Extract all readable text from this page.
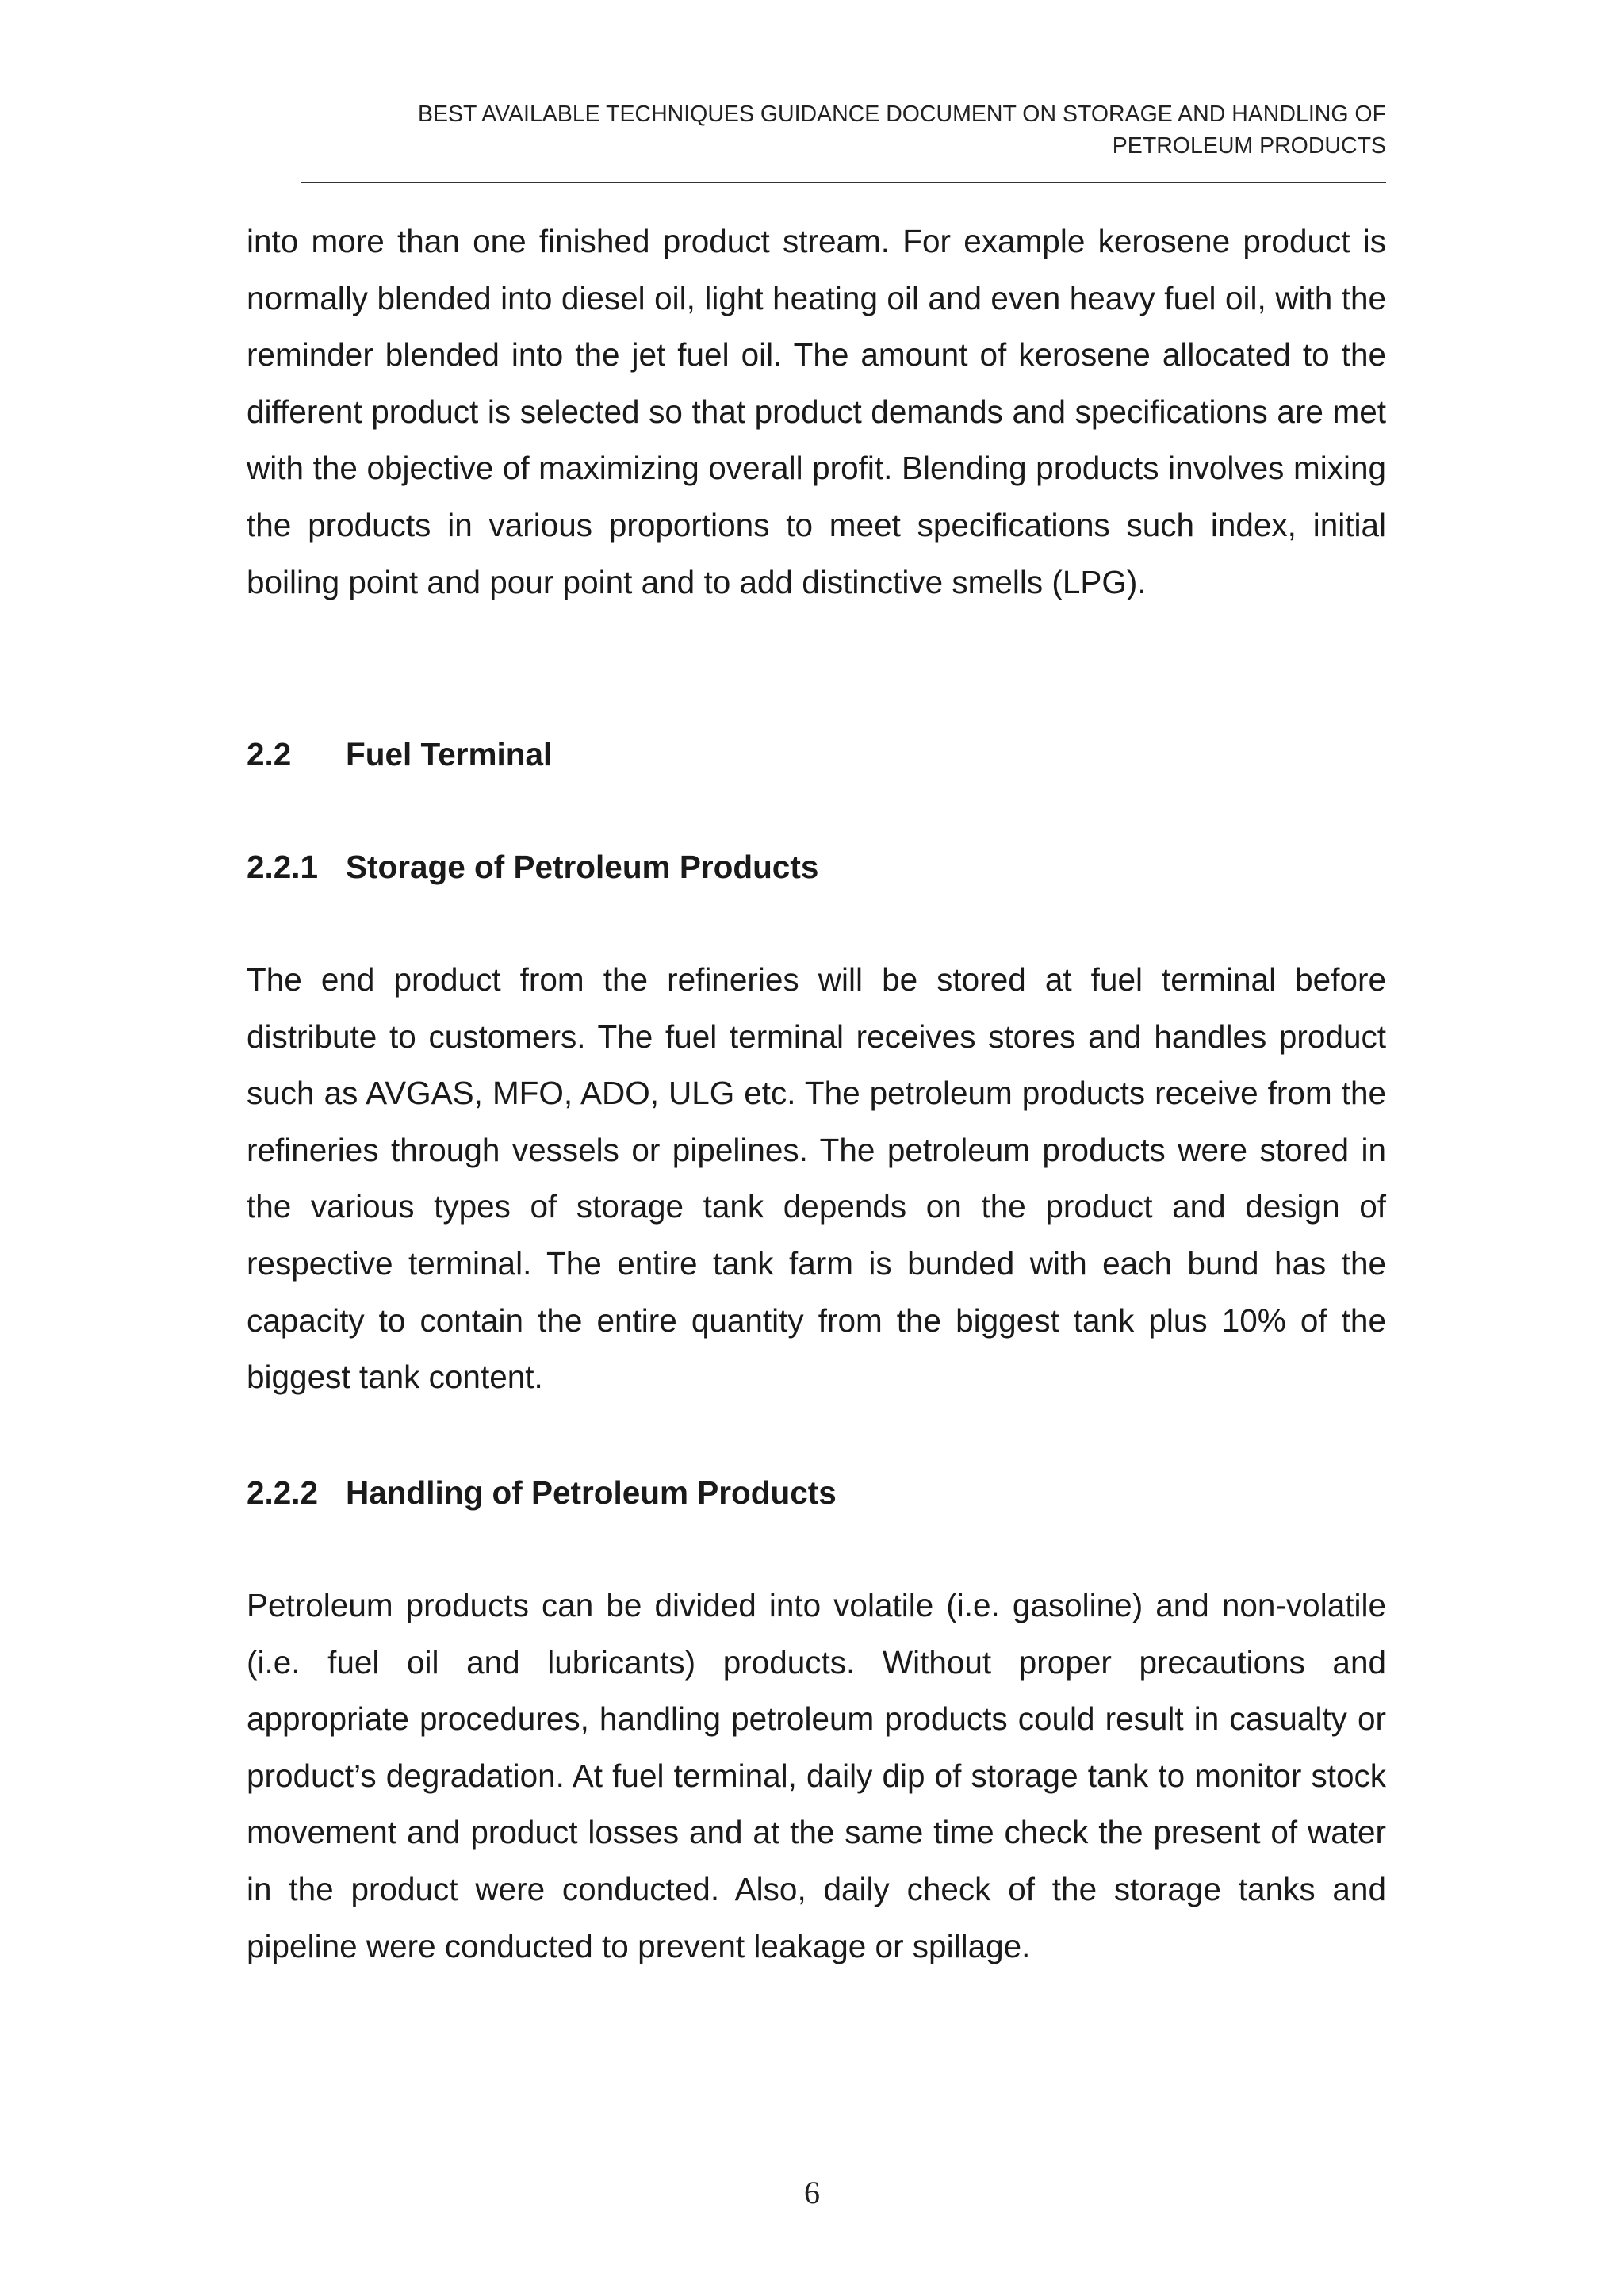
BEST AVAILABLE TECHNIQUES GUIDANCE DOCUMENT ON STORAGE AND HANDLING OF
PETROLEUM PRODUCTS

into more than one finished product stream. For example kerosene product is normally blended into diesel oil, light heating oil and even heavy fuel oil, with the reminder blended into the jet fuel oil. The amount of kerosene allocated to the different product is selected so that product demands and specifications are met with the objective of maximizing overall profit. Blending products involves mixing the products in various proportions to meet specifications such index, initial boiling point and pour point and to add distinctive smells (LPG).

2.2 Fuel Terminal
2.2.1 Storage of Petroleum Products

The end product from the refineries will be stored at fuel terminal before distribute to customers. The fuel terminal receives stores and handles product such as AVGAS, MFO, ADO, ULG etc. The petroleum products receive from the refineries through vessels or pipelines. The petroleum products were stored in the various types of storage tank depends on the product and design of respective terminal. The entire tank farm is bunded with each bund has the capacity to contain the entire quantity from the biggest tank plus 10% of the biggest tank content.

2.2.2 Handling of Petroleum Products

Petroleum products can be divided into volatile (i.e. gasoline) and non-volatile (i.e. fuel oil and lubricants) products. Without proper precautions and appropriate procedures, handling petroleum products could result in casualty or product’s degradation. At fuel terminal, daily dip of storage tank to monitor stock movement and product losses and at the same time check the present of water in the product were conducted. Also, daily check of the storage tanks and pipeline were conducted to prevent leakage or spillage.

6
